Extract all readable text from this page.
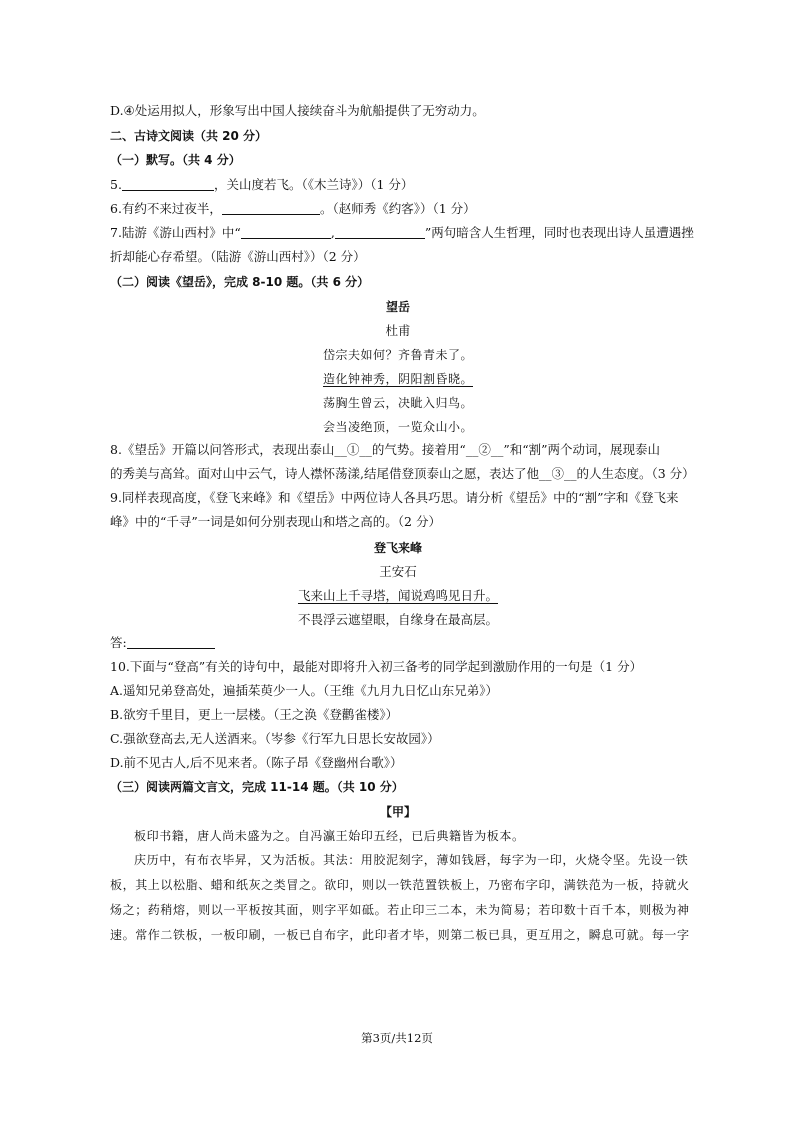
D.④处运用拟人，形象写出中国人接续奋斗为航船提供了无穷动力。
二、古诗文阅读（共 20 分）
（一）默写。（共 4 分）
5.	，关山度若飞。（《木兰诗》）（1 分）
6.有约不来过夜半，	。（赵师秀《约客》）（1 分）
7.陆游《游山西村》中“	,	”两句暗含人生哲理，同时也表现出诗人虽遭遇挫
折却能心存希望。（陆游《游山西村》）（2 分）
（二）阅读《望岳》，完成 8-10 题。（共 6 分）
望岳
杜甫
岱宗夫如何？齐鲁青未了。
造化钟神秀，阴阳割昏晓。
荡胸生曾云，决眦入归鸟。
会当凌绝顶，一览众山小。
8.《望岳》开篇以问答形式，表现出泰山__①__的气势。接着用“__②__”和“割”两个动词，展现泰山
的秀美与高耸。面对山中云气，诗人襟怀荡漾,结尾借登顶泰山之愿，表达了他__③__的人生态度。（3 分）
9.同样表现高度，《登飞来峰》和《望岳》中两位诗人各具巧思。请分析《望岳》中的“割”字和《登飞来
峰》中的“千寻”一词是如何分别表现山和塔之高的。（2 分）
登飞来峰
王安石
飞来山上千寻塔，闻说鸡鸣见日升。
不畏浮云遮望眼，自缘身在最高层。
答:
10.下面与“登高”有关的诗句中，最能对即将升入初三备考的同学起到激励作用的一句是（1 分）
A.遥知兄弟登高处，遍插茱萸少一人。（王维《九月九日忆山东兄弟》）
B.欲穷千里目，更上一层楼。（王之涣《登鹳雀楼》）
C.强欲登高去,无人送酒来。（岑参《行军九日思长安故园》）
D.前不见古人,后不见来者。（陈子昂《登幽州台歌》）
（三）阅读两篇文言文，完成 11-14 题。（共 10 分）
【甲】
板印书籍，唐人尚未盛为之。自冯瀛王始印五经，已后典籍皆为板本。
庆历中，有布衣毕昇，又为活板。其法：用胶泥刻字，薄如钱唇，每字为一印，火烧令坚。先设一铁
板，其上以松脂、蜡和纸灰之类冒之。欲印，则以一铁范置铁板上，乃密布字印，满铁范为一板，持就火
炀之；药稍熔，则以一平板按其面，则字平如砥。若止印三二本，未为简易；若印数十百千本，则极为神
速。常作二铁板，一板印刷，一板已自布字，此印者才毕，则第二板已具，更互用之，瞬息可就。每一字
第3页/共12页
